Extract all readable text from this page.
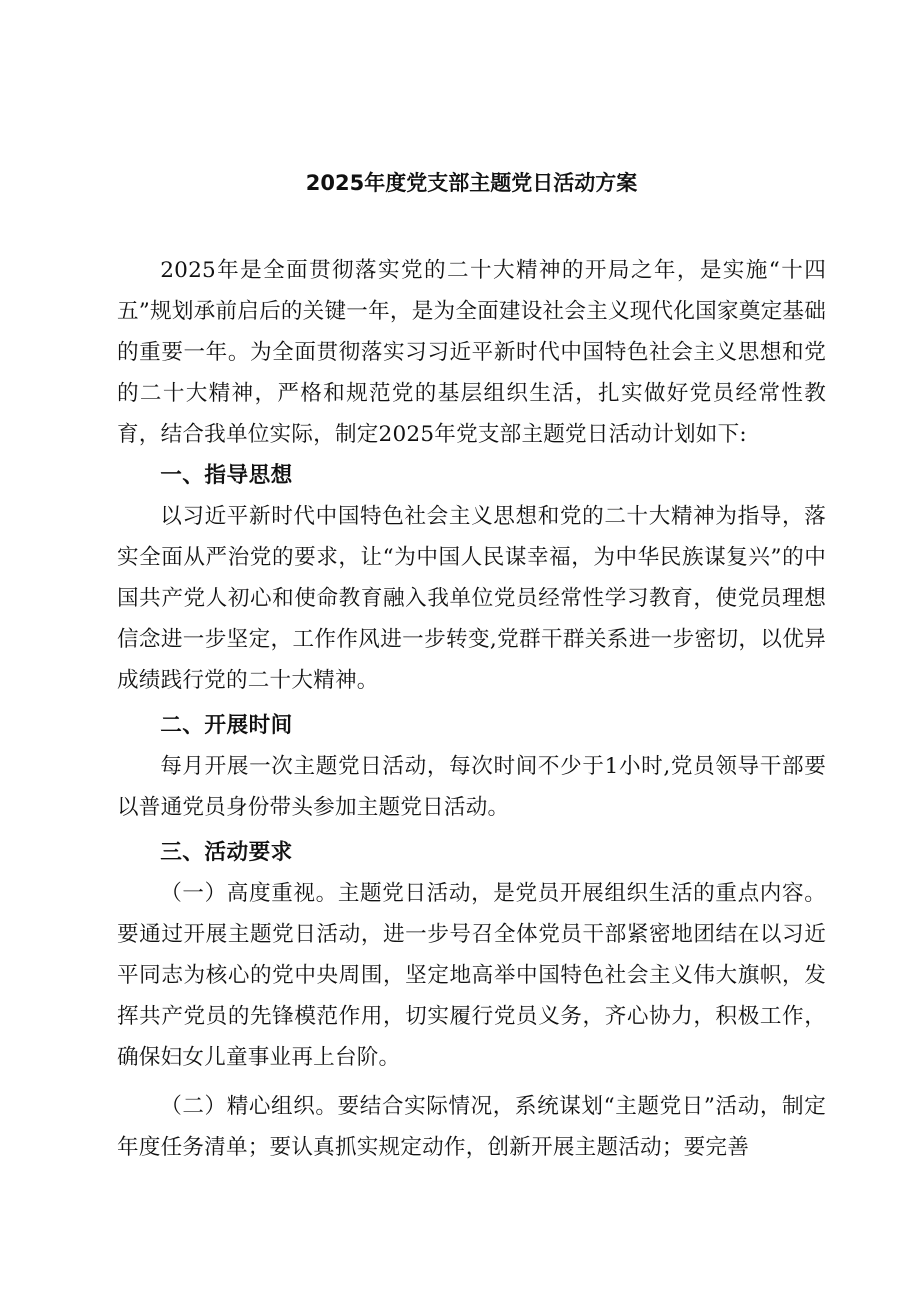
2025年度党支部主题党日活动方案

2025年是全面贯彻落实党的二十大精神的开局之年，是实施“十四五”规划承前启后的关键一年，是为全面建设社会主义现代化国家奠定基础的重要一年。为全面贯彻落实习习近平新时代中国特色社会主义思想和党的二十大精神，严格和规范党的基层组织生活，扎实做好党员经常性教育，结合我单位实际，制定2025年党支部主题党日活动计划如下:

一、指导思想

以习近平新时代中国特色社会主义思想和党的二十大精神为指导，落实全面从严治党的要求，让“为中国人民谋幸福，为中华民族谋复兴”的中国共产党人初心和使命教育融入我单位党员经常性学习教育，使党员理想信念进一步坚定，工作作风进一步转变,党群干群关系进一步密切，以优异成绩践行党的二十大精神。

二、开展时间

每月开展一次主题党日活动，每次时间不少于1小时,党员领导干部要以普通党员身份带头参加主题党日活动。

三、活动要求

（一）高度重视。主题党日活动，是党员开展组织生活的重点内容。要通过开展主题党日活动，进一步号召全体党员干部紧密地团结在以习近平同志为核心的党中央周围，坚定地高举中国特色社会主义伟大旗帜，发挥共产党员的先锋模范作用，切实履行党员义务，齐心协力，积极工作，确保妇女儿童事业再上台阶。

（二）精心组织。要结合实际情况，系统谋划“主题党日”活动，制定年度任务清单；要认真抓实规定动作，创新开展主题活动；要完善
